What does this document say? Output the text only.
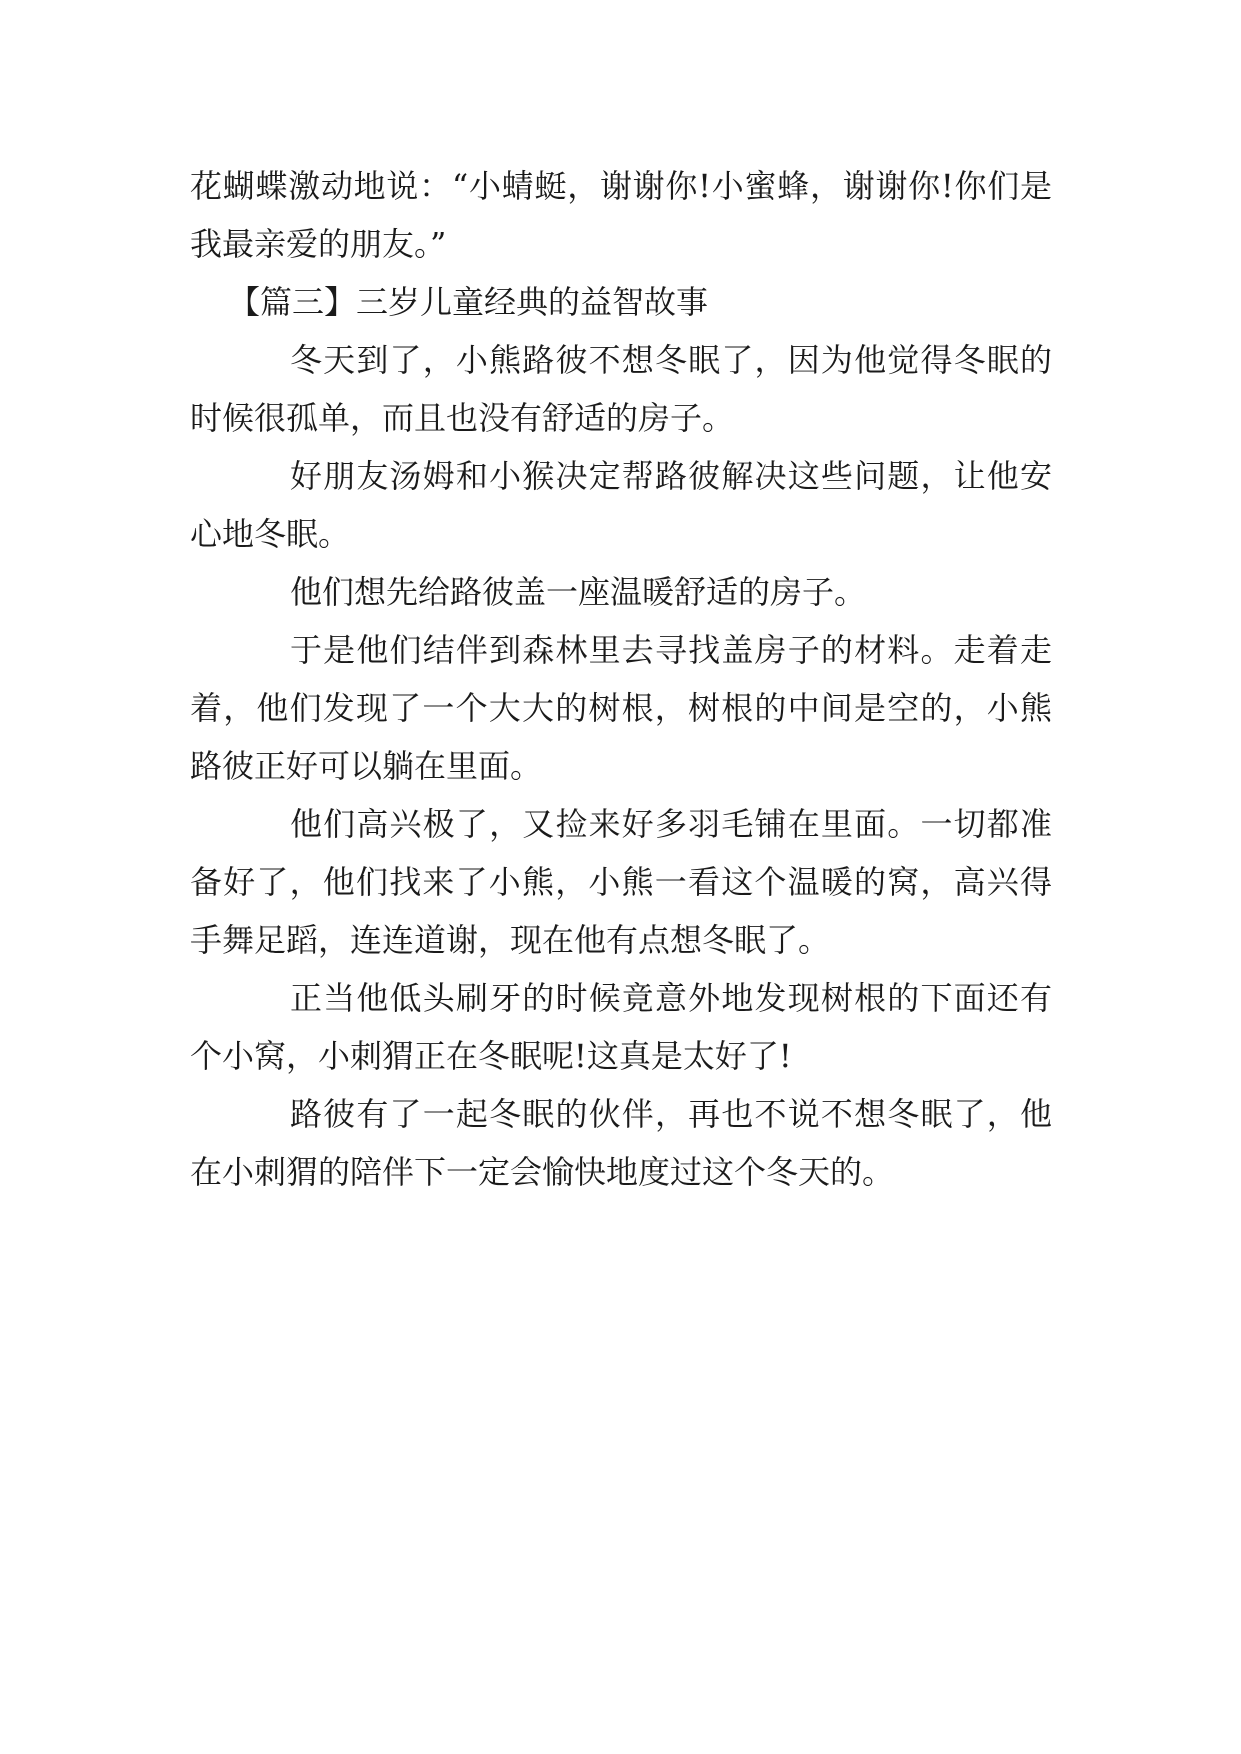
花蝴蝶激动地说：“小蜻蜓，谢谢你!小蜜蜂，谢谢你!你们是我最亲爱的朋友。”

【篇三】三岁儿童经典的益智故事

冬天到了，小熊路彼不想冬眠了，因为他觉得冬眠的时候很孤单，而且也没有舒适的房子。

好朋友汤姆和小猴决定帮路彼解决这些问题，让他安心地冬眠。

他们想先给路彼盖一座温暖舒适的房子。

于是他们结伴到森林里去寻找盖房子的材料。走着走着，他们发现了一个大大的树根，树根的中间是空的，小熊路彼正好可以躺在里面。

他们高兴极了，又捡来好多羽毛铺在里面。一切都准备好了，他们找来了小熊，小熊一看这个温暖的窝，高兴得手舞足蹈，连连道谢，现在他有点想冬眠了。

正当他低头刷牙的时候竟意外地发现树根的下面还有个小窝，小刺猬正在冬眠呢!这真是太好了!

路彼有了一起冬眠的伙伴，再也不说不想冬眠了，他在小刺猬的陪伴下一定会愉快地度过这个冬天的。
